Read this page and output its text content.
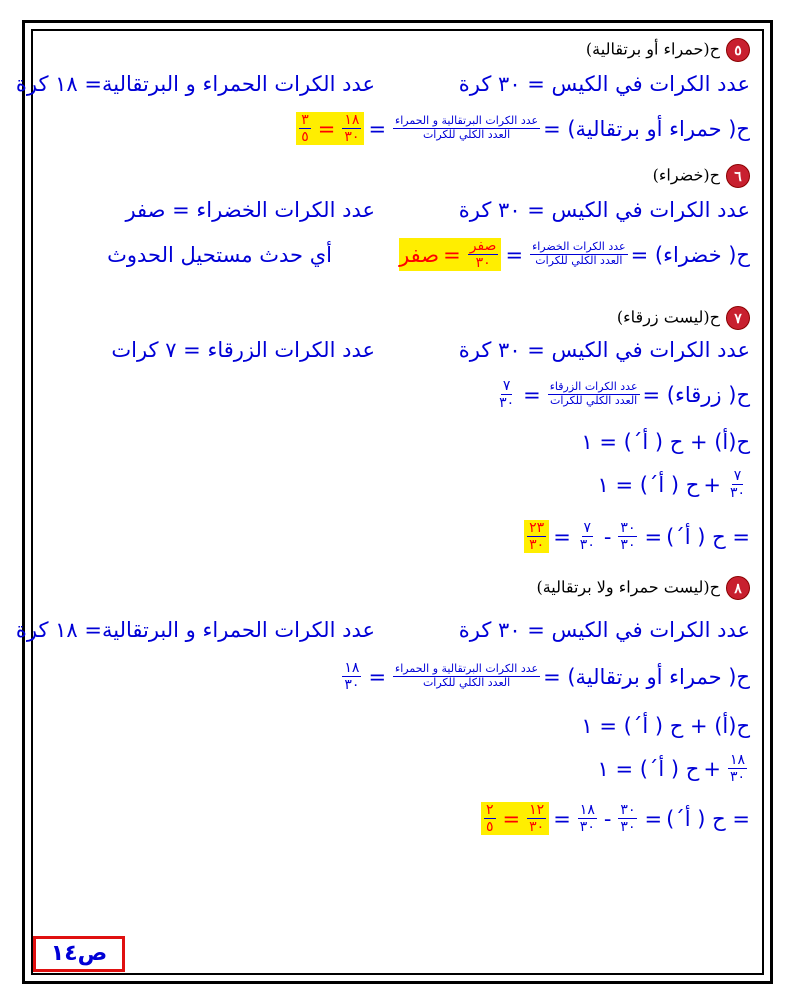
٥ح(حمراء أو برتقالية)
عدد الكرات في الكيس = ٣٠ كرة
عدد الكرات الحمراء و البرتقالية= ١٨ كرة
٣
٥ = ١٨
٣٠ = عدد الكرات البرتقالية و الحمراء
العدد الكلي للكرات ح( حمراء أو برتقالية) =
٦ح(خضراء)
عدد الكرات في الكيس = ٣٠ كرة
عدد الكرات الخضراء = صفر
صفر = صفر
٣٠ = عدد الكرات الخضراء
العدد الكلي للكرات ح( خضراء) =
أي حدث مستحيل الحدوث
٧ح(ليست زرقاء)
عدد الكرات في الكيس = ٣٠ كرة
عدد الكرات الزرقاء = ٧ كرات
٧
٣٠ = عدد الكرات الزرقاء
العدد الكلي للكرات ح( زرقاء) =
ح(أ) + ح ( أ´) = ١
ح ( أ´) = ١ + ٧
٣٠
٢٣
٣٠ = ٧
٣٠ - ٣٠
٣٠ = ح ( أ´) =
٨ح(ليست حمراء ولا برتقالية)
عدد الكرات في الكيس = ٣٠ كرة
عدد الكرات الحمراء و البرتقالية= ١٨ كرة
١٨
٣٠ = عدد الكرات البرتقالية و الحمراء
العدد الكلي للكرات ح( حمراء أو برتقالية) =
ح(أ) + ح ( أ´) = ١
ح ( أ´) = ١ + ١٨
٣٠
٢
٥ = ١٢
٣٠ = ١٨
٣٠ - ٣٠
٣٠ = ح ( أ´) =
ص١٤
